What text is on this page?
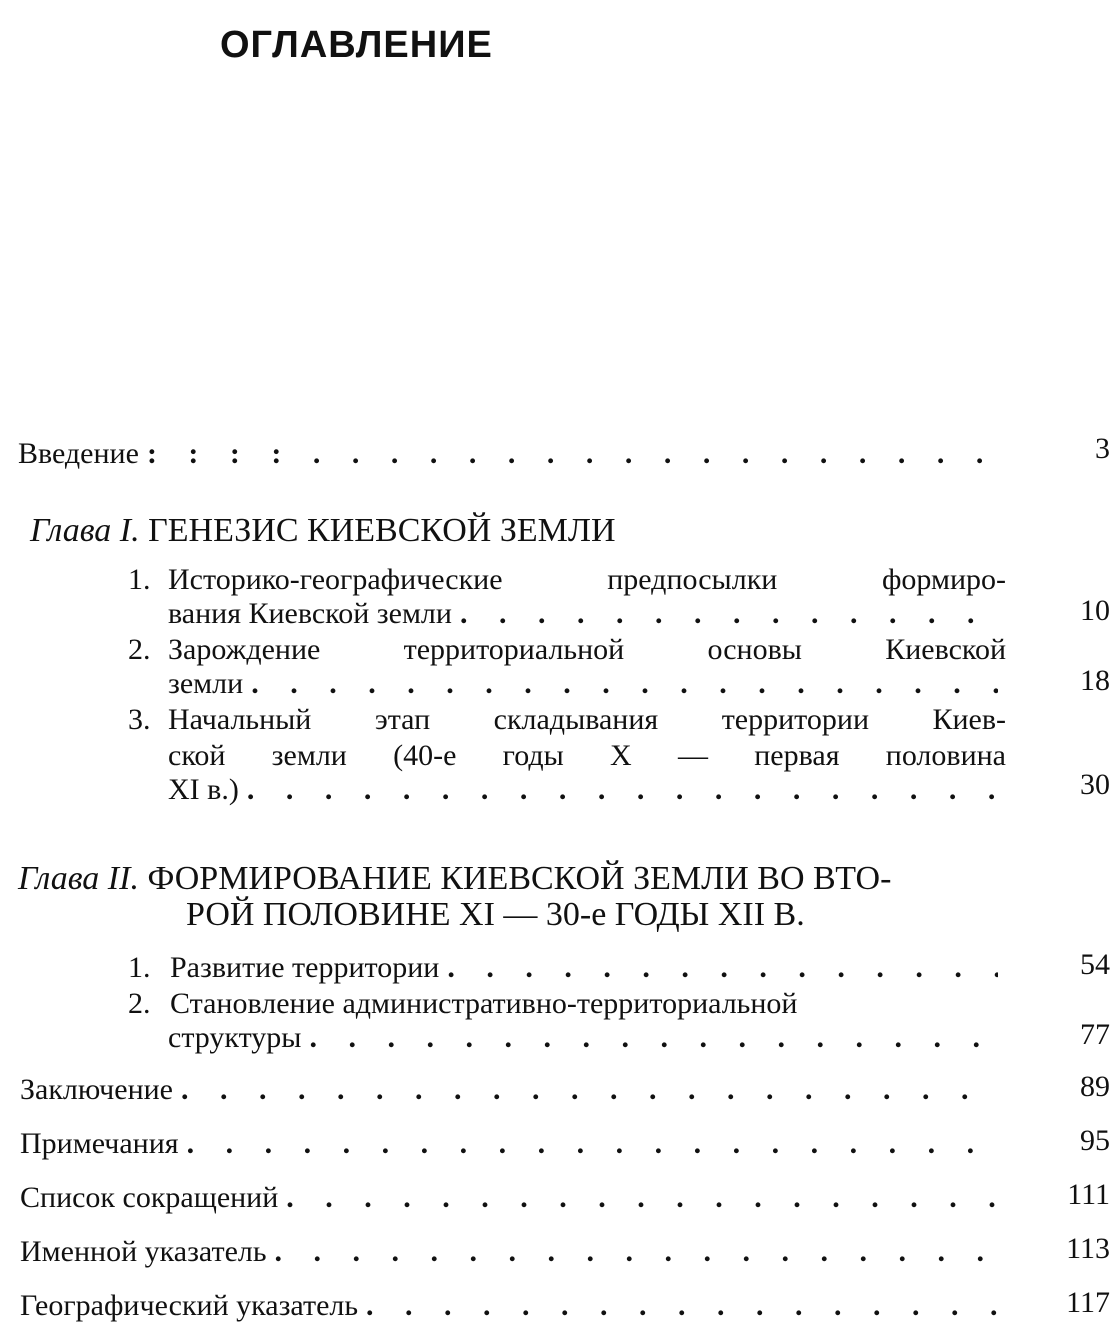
ОГЛАВЛЕНИЕ
Введение : : : : . . . . . . . . . . . . . . . . . . . . . . . . . . . . . . . . . . . . . . . . . . . . . . . . . . . . .	3
Глава I. ГЕНЕЗИС КИЕВСКОЙ ЗЕМЛИ
1. Историко-географические предпосылки формиро-
вания Киевской земли . . .	10
2. Зарождение территориальной основы Киевской
земли . . .	18
3. Начальный этап складывания территории Киев-
ской земли (40-е годы X — первая половина
XI в.) . . .	30
Глава II. ФОРМИРОВАНИЕ КИЕВСКОЙ ЗЕМЛИ ВО ВТО-
РОЙ ПОЛОВИНЕ XI — 30-е ГОДЫ XII В.
1. Развитие территории . . .	54
2. Становление административно-территориальной
структуры . . .	77
Заключение . . .	89
Примечания . . .	95
Список сокращений . . .	111
Именной указатель . . .	113
Географический указатель . . .	117
